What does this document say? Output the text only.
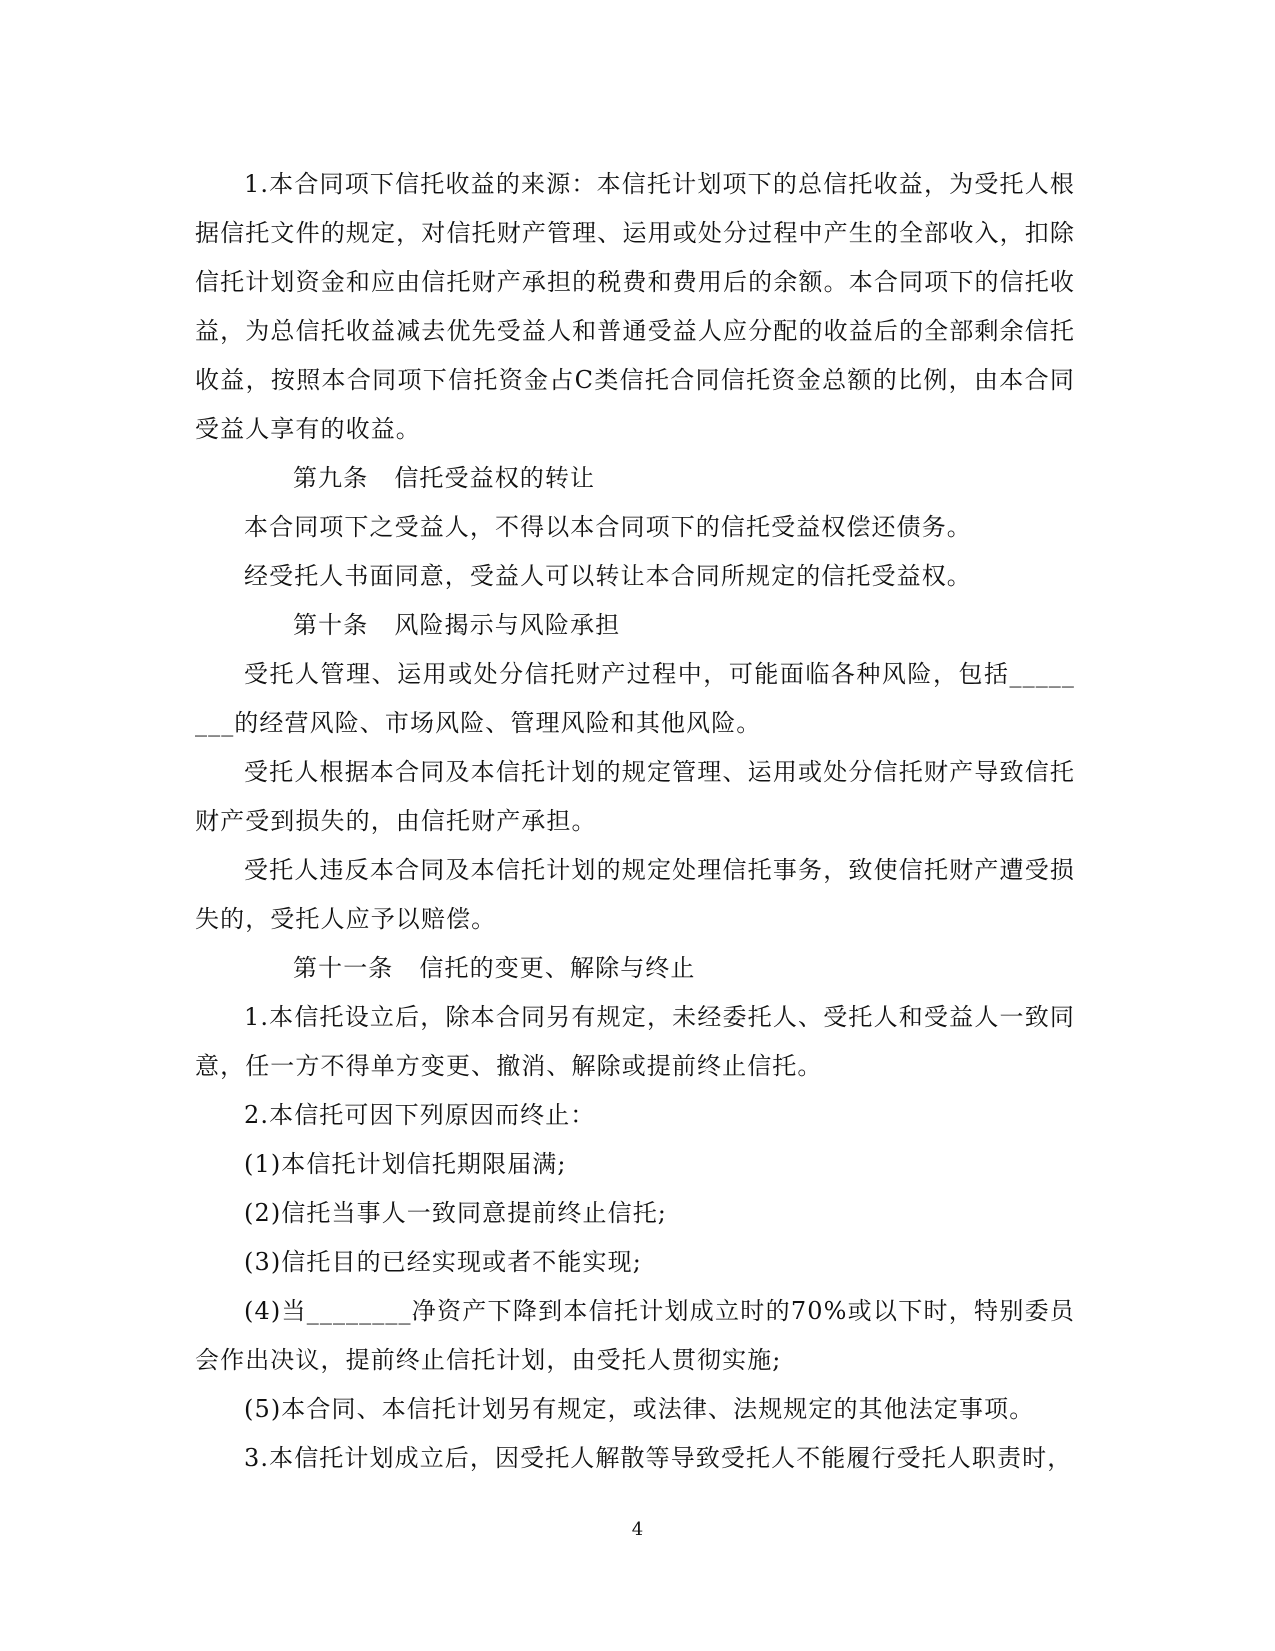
1.本合同项下信托收益的来源：本信托计划项下的总信托收益，为受托人根据信托文件的规定，对信托财产管理、运用或处分过程中产生的全部收入，扣除信托计划资金和应由信托财产承担的税费和费用后的余额。本合同项下的信托收益，为总信托收益减去优先受益人和普通受益人应分配的收益后的全部剩余信托收益，按照本合同项下信托资金占C类信托合同信托资金总额的比例，由本合同受益人享有的收益。

第九条 信托受益权的转让

本合同项下之受益人，不得以本合同项下的信托受益权偿还债务。

经受托人书面同意，受益人可以转让本合同所规定的信托受益权。

第十条 风险揭示与风险承担

受托人管理、运用或处分信托财产过程中，可能面临各种风险，包括________的经营风险、市场风险、管理风险和其他风险。

受托人根据本合同及本信托计划的规定管理、运用或处分信托财产导致信托财产受到损失的，由信托财产承担。

受托人违反本合同及本信托计划的规定处理信托事务，致使信托财产遭受损失的，受托人应予以赔偿。

第十一条 信托的变更、解除与终止

1.本信托设立后，除本合同另有规定，未经委托人、受托人和受益人一致同意，任一方不得单方变更、撤消、解除或提前终止信托。

2.本信托可因下列原因而终止：

(1)本信托计划信托期限届满;

(2)信托当事人一致同意提前终止信托;

(3)信托目的已经实现或者不能实现;

(4)当________净资产下降到本信托计划成立时的70%或以下时，特别委员会作出决议，提前终止信托计划，由受托人贯彻实施;

(5)本合同、本信托计划另有规定，或法律、法规规定的其他法定事项。

3.本信托计划成立后，因受托人解散等导致受托人不能履行受托人职责时，

4
